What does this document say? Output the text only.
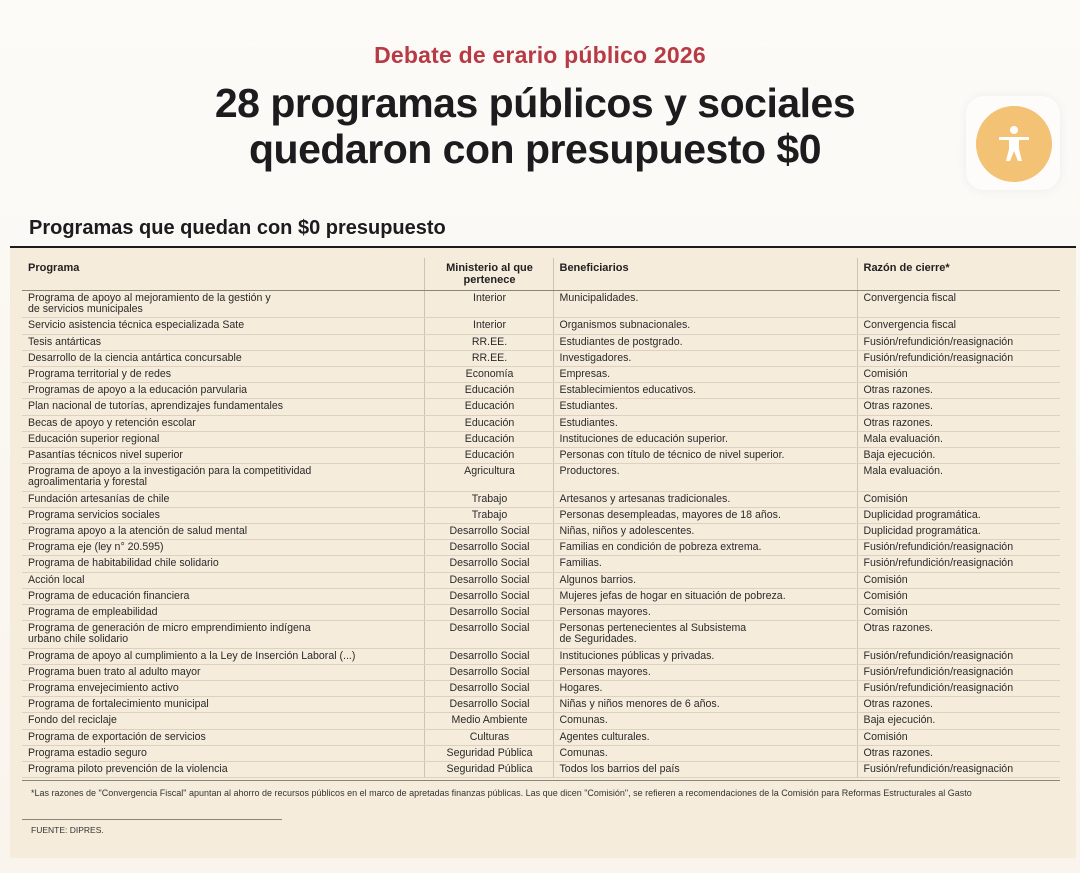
Debate de erario público 2026
28 programas públicos y sociales quedaron con presupuesto $0
Programas que quedan con $0 presupuesto
Programa	Ministerio al que pertenece	Beneficiarios	Razón de cierre*
Programa de apoyo al mejoramiento de la gestión y
de servicios municipales	Interior	Municipalidades.	Convergencia fiscal
Servicio asistencia técnica especializada Sate	Interior	Organismos subnacionales.	Convergencia fiscal
Tesis antárticas	RR.EE.	Estudiantes de postgrado.	Fusión/refundición/reasignación
Desarrollo de la ciencia antártica concursable	RR.EE.	Investigadores.	Fusión/refundición/reasignación
Programa territorial y de redes	Economía	Empresas.	Comisión
Programas de apoyo a la educación parvularia	Educación	Establecimientos educativos.	Otras razones.
Plan nacional de tutorías, aprendizajes fundamentales	Educación	Estudiantes.	Otras razones.
Becas de apoyo y retención escolar	Educación	Estudiantes.	Otras razones.
Educación superior regional	Educación	Instituciones de educación superior.	Mala evaluación.
Pasantías técnicos nivel superior	Educación	Personas con título de técnico de nivel superior.	Baja ejecución.
Programa de apoyo a la investigación para la competitividad
agroalimentaria y forestal	Agricultura	Productores.	Mala evaluación.
Fundación artesanías de chile	Trabajo	Artesanos y artesanas tradicionales.	Comisión
Programa servicios sociales	Trabajo	Personas desempleadas, mayores de 18 años.	Duplicidad programática.
Programa apoyo a la atención de salud mental	Desarrollo Social	Niñas, niños y adolescentes.	Duplicidad programática.
Programa eje (ley n° 20.595)	Desarrollo Social	Familias en condición de pobreza extrema.	Fusión/refundición/reasignación
Programa de habitabilidad chile solidario	Desarrollo Social	Familias.	Fusión/refundición/reasignación
Acción local	Desarrollo Social	Algunos barrios.	Comisión
Programa de educación financiera	Desarrollo Social	Mujeres jefas de hogar en situación de pobreza.	Comisión
Programa de empleabilidad	Desarrollo Social	Personas mayores.	Comisión
Programa de generación de micro emprendimiento indígena
urbano chile solidario	Desarrollo Social	Personas pertenecientes al Subsistema
de Seguridades.	Otras razones.
Programa de apoyo al cumplimiento a la Ley de Inserción Laboral (...)	Desarrollo Social	Instituciones públicas y privadas.	Fusión/refundición/reasignación
Programa buen trato al adulto mayor	Desarrollo Social	Personas mayores.	Fusión/refundición/reasignación
Programa envejecimiento activo	Desarrollo Social	Hogares.	Fusión/refundición/reasignación
Programa de fortalecimiento municipal	Desarrollo Social	Niñas y niños menores de 6 años.	Otras razones.
Fondo del reciclaje	Medio Ambiente	Comunas.	Baja ejecución.
Programa de exportación de servicios	Culturas	Agentes culturales.	Comisión
Programa estadio seguro	Seguridad Pública	Comunas.	Otras razones.
Programa piloto prevención de la violencia	Seguridad Pública	Todos los barrios del país	Fusión/refundición/reasignación
*Las razones de "Convergencia Fiscal" apuntan al ahorro de recursos públicos en el marco de apretadas finanzas públicas. Las que dicen "Comisión", se refieren a recomendaciones de la Comisión para Reformas Estructurales al Gasto
FUENTE: DIPRES.
